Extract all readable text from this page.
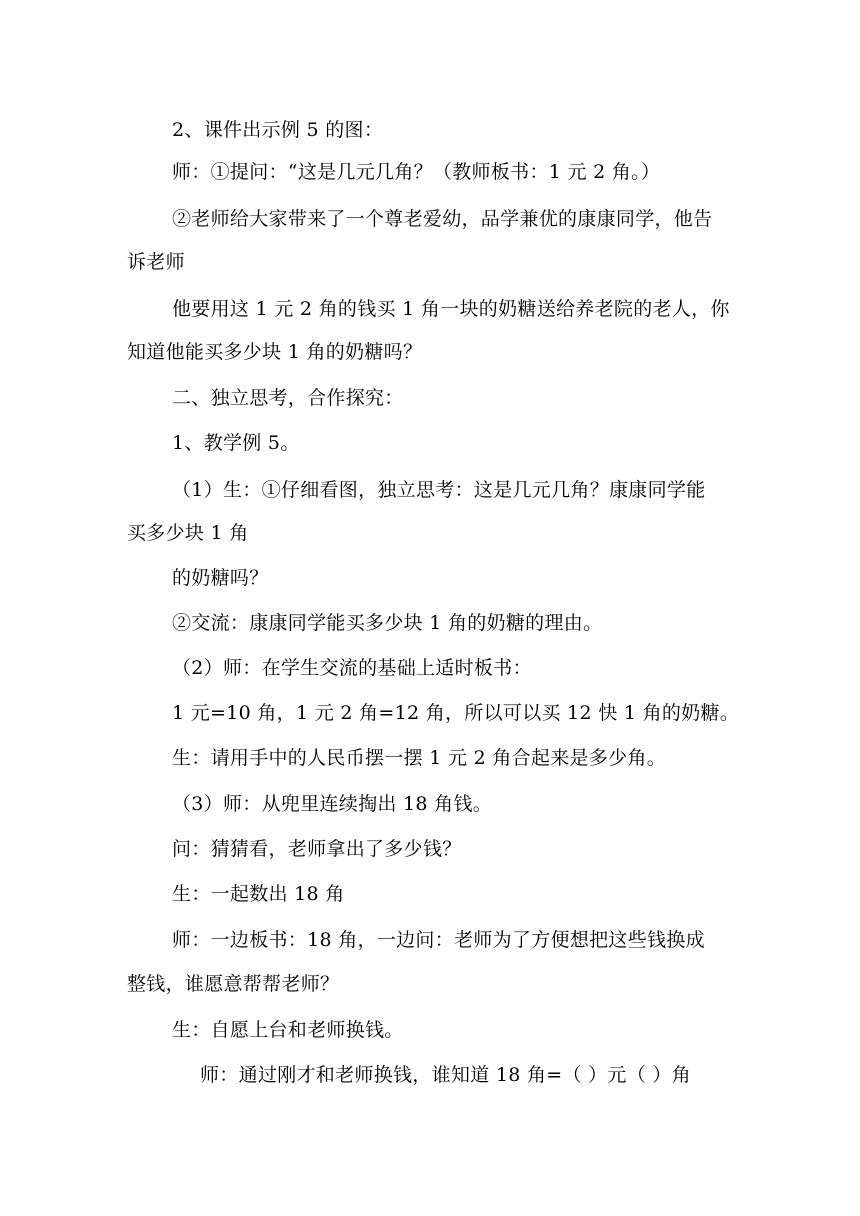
2、课件出示例 5 的图：
师：①提问：“这是几元几角？（教师板书：1 元 2 角。）
②老师给大家带来了一个尊老爱幼，品学兼优的康康同学，他告
诉老师
他要用这 1 元 2 角的钱买 1 角一块的奶糖送给养老院的老人，你
知道他能买多少块 1 角的奶糖吗？
二、独立思考，合作探究：
1、教学例 5。
（1）生：①仔细看图，独立思考：这是几元几角？康康同学能
买多少块 1 角
的奶糖吗？
②交流：康康同学能买多少块 1 角的奶糖的理由。
（2）师：在学生交流的基础上适时板书：
1 元=10 角，1 元 2 角=12 角，所以可以买 12 快 1 角的奶糖。
生：请用手中的人民币摆一摆 1 元 2 角合起来是多少角。
（3）师：从兜里连续掏出 18 角钱。
问：猜猜看，老师拿出了多少钱？
生：一起数出 18 角
师：一边板书：18 角，一边问：老师为了方便想把这些钱换成
整钱，谁愿意帮帮老师？
生：自愿上台和老师换钱。
师：通过刚才和老师换钱，谁知道 18 角=（ ）元（ ）角
